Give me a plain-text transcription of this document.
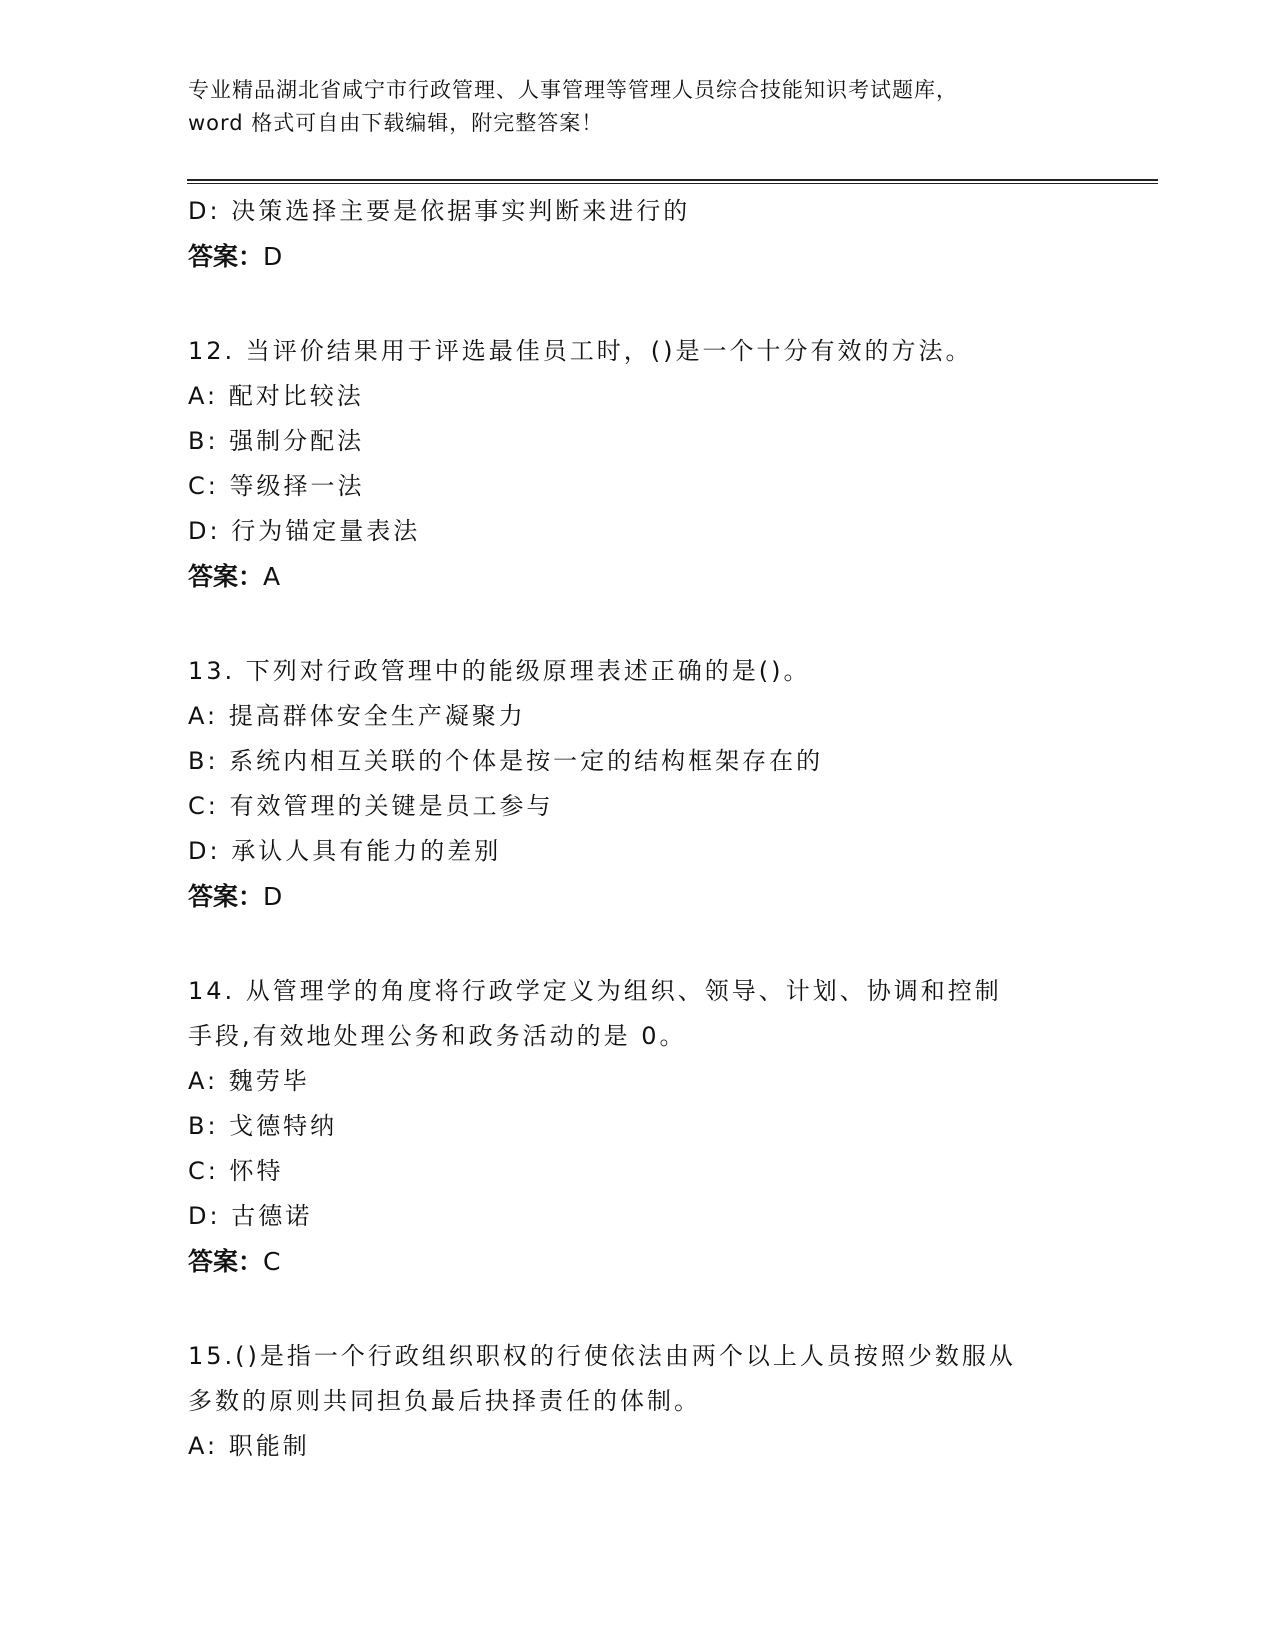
专业精品湖北省咸宁市行政管理、人事管理等管理人员综合技能知识考试题库，
word 格式可自由下载编辑，附完整答案！
D: 决策选择主要是依据事实判断来进行的
答案：D
12. 当评价结果用于评选最佳员工时，()是一个十分有效的方法。
A: 配对比较法
B: 强制分配法
C: 等级择一法
D: 行为锚定量表法
答案：A
13. 下列对行政管理中的能级原理表述正确的是()。
A: 提高群体安全生产凝聚力
B: 系统内相互关联的个体是按一定的结构框架存在的
C: 有效管理的关键是员工参与
D: 承认人具有能力的差别
答案：D
14. 从管理学的角度将行政学定义为组织、领导、计划、协调和控制
手段,有效地处理公务和政务活动的是 0。
A: 魏劳毕
B: 戈德特纳
C: 怀特
D: 古德诺
答案：C
15.()是指一个行政组织职权的行使依法由两个以上人员按照少数服从
多数的原则共同担负最后抉择责任的体制。
A: 职能制
